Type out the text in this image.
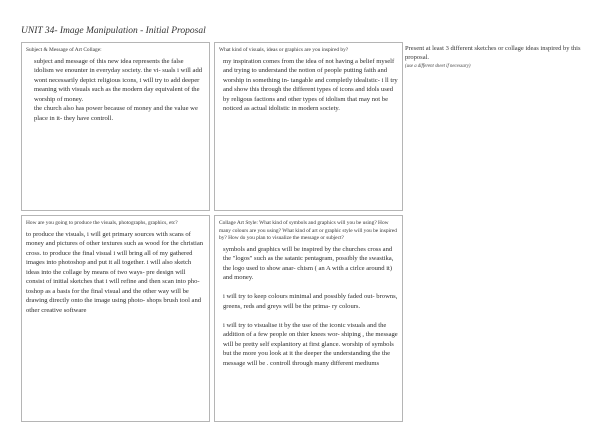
UNIT 34- Image Manipulation - Initial Proposal
Subject & Message of Art Collage:
subject and message of this new idea represents the false idolism we enounter in everyday society. the vi- suals i will add wont necessarily depict religious icons, i will try to add deeper meaning with visuals such as the modern day equivalent of the worship of money.
the church also has power because of money and the value we place in it- they have controll.
What kind of visuals, ideas or graphics are you inspired by?
my inspiration comes from the idea of not having a belief myself and trying to understand the notion of people putting faith and worship in something in- tangable and completly idealistic- i ll try and show this through the different types of icons and idols used by religous factions and other types of idolism that may not be noticed as actual idolistic in modern society.
How are you going to produce the visuals, photographs, graphics, etc?
to produce the visuals, i will get primary sources with scans of money and pictures of other textures such as wood for the christian cross. to produce the final visual i will bring all of my gathered images into photoshop and put it all together. i will also sketch ideas into the collage by means of two ways- pre design will consist of initial sketches that i will refine and then scan into pho- toshop as a basis for the final visual and the other way will be drawing directly onto the image using photo- shops brush tool and other creative software
Collage Art Style: What kind of symbols and graphics will you be using? How many colours are you using? What kind of art or graphic style will you be inspired by? How do you plan to visualize the message or subject?
symbols and graphics will be inspired by the churches cross and the "logos" such as the satanic pentagram, possibly the swastika, the logo used to show anar- chism ( an A with a cirlce around it) and money.

i will try to keep colours minimal and possibly faded out- browns, greens, reds and greys will be the prima- ry colours.

i will try to visualise it by the use of the iconic visuals and the addition of a few people on thier knees wor- shiping , the message will be pretty self explanitory at first glance. worship of symbols but the more you look at it the deeper the understanding the the message will be . controll through many different mediums
Present at least 3 different sketches or collage ideas inspired by this proposal.
(use a different sheet if necessary)
